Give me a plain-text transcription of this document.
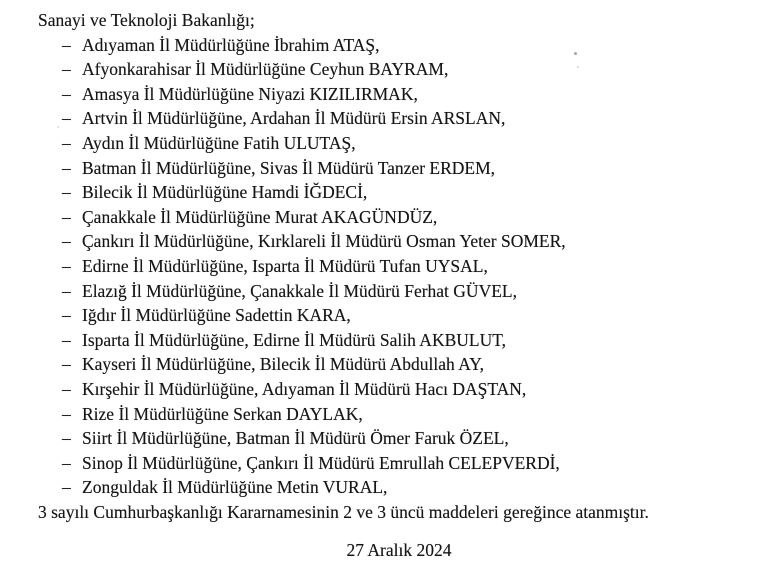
Sanayi ve Teknoloji Bakanlığı;
– Adıyaman İl Müdürlüğüne İbrahim ATAŞ,
– Afyonkarahisar İl Müdürlüğüne Ceyhun BAYRAM,
– Amasya İl Müdürlüğüne Niyazi KIZILIRMAK,
– Artvin İl Müdürlüğüne, Ardahan İl Müdürü Ersin ARSLAN,
– Aydın İl Müdürlüğüne Fatih ULUTAŞ,
– Batman İl Müdürlüğüne, Sivas İl Müdürü Tanzer ERDEM,
– Bilecik İl Müdürlüğüne Hamdi İĞDECİ,
– Çanakkale İl Müdürlüğüne Murat AKAGÜNDÜZ,
– Çankırı İl Müdürlüğüne, Kırklareli İl Müdürü Osman Yeter SOMER,
– Edirne İl Müdürlüğüne, Isparta İl Müdürü Tufan UYSAL,
– Elazığ İl Müdürlüğüne, Çanakkale İl Müdürü Ferhat GÜVEL,
– Iğdır İl Müdürlüğüne Sadettin KARA,
– Isparta İl Müdürlüğüne, Edirne İl Müdürü Salih AKBULUT,
– Kayseri İl Müdürlüğüne, Bilecik İl Müdürü Abdullah AY,
– Kırşehir İl Müdürlüğüne, Adıyaman İl Müdürü Hacı DAŞTAN,
– Rize İl Müdürlüğüne Serkan DAYLAK,
– Siirt İl Müdürlüğüne, Batman İl Müdürü Ömer Faruk ÖZEL,
– Sinop İl Müdürlüğüne, Çankırı İl Müdürü Emrullah CELEPVERDİ,
– Zonguldak İl Müdürlüğüne Metin VURAL,
3 sayılı Cumhurbaşkanlığı Kararnamesinin 2 ve 3 üncü maddeleri gereğince atanmıştır.
27 Aralık 2024
